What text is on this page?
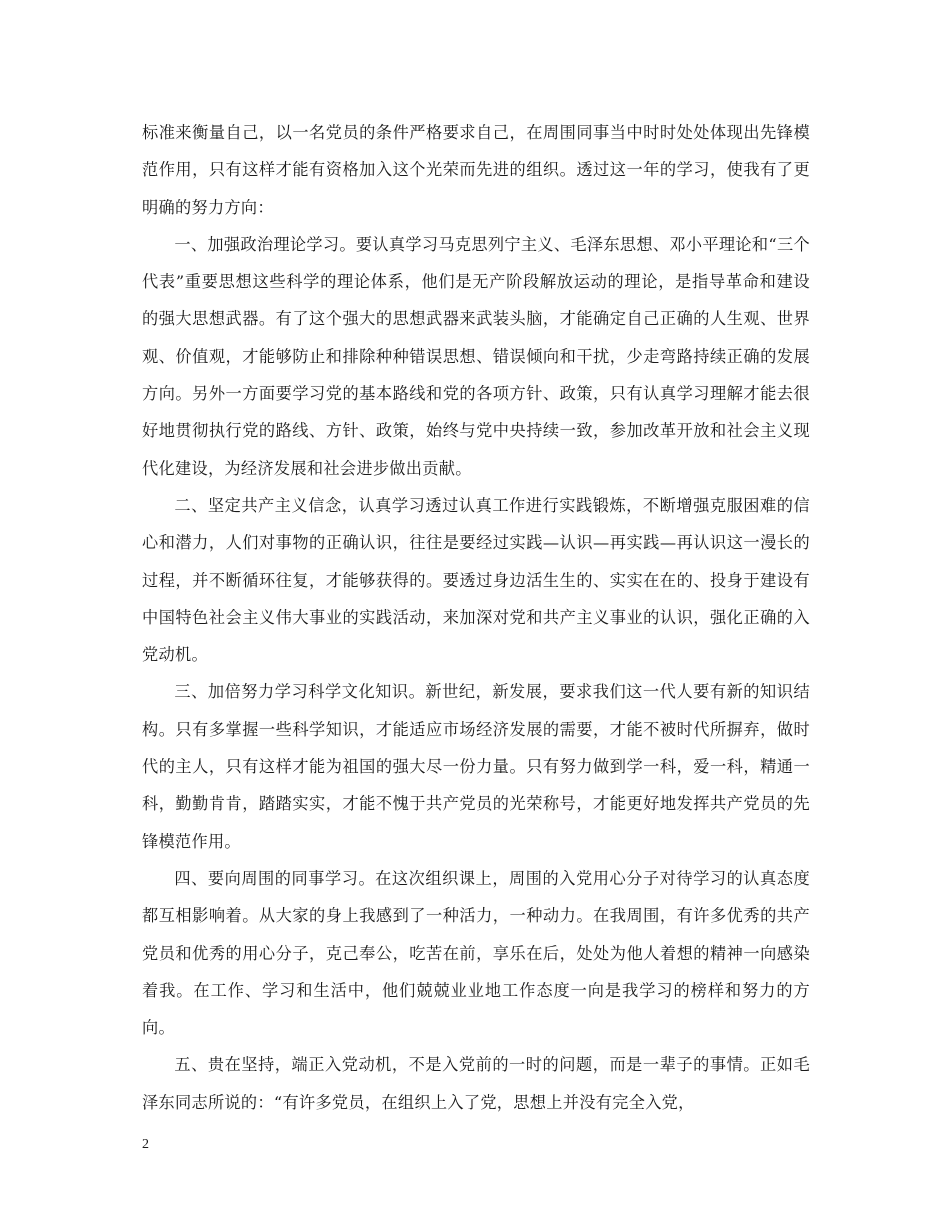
标准来衡量自己，以一名党员的条件严格要求自己，在周围同事当中时时处处体现出先锋模范作用，只有这样才能有资格加入这个光荣而先进的组织。透过这一年的学习，使我有了更明确的努力方向：

一、加强政治理论学习。要认真学习马克思列宁主义、毛泽东思想、邓小平理论和“三个代表”重要思想这些科学的理论体系，他们是无产阶段解放运动的理论，是指导革命和建设的强大思想武器。有了这个强大的思想武器来武装头脑，才能确定自己正确的人生观、世界观、价值观，才能够防止和排除种种错误思想、错误倾向和干扰，少走弯路持续正确的发展方向。另外一方面要学习党的基本路线和党的各项方针、政策，只有认真学习理解才能去很好地贯彻执行党的路线、方针、政策，始终与党中央持续一致，参加改革开放和社会主义现代化建设，为经济发展和社会进步做出贡献。

二、坚定共产主义信念，认真学习透过认真工作进行实践锻炼，不断增强克服困难的信心和潜力，人们对事物的正确认识，往往是要经过实践—认识—再实践—再认识这一漫长的过程，并不断循环往复，才能够获得的。要透过身边活生生的、实实在在的、投身于建设有中国特色社会主义伟大事业的实践活动，来加深对党和共产主义事业的认识，强化正确的入党动机。

三、加倍努力学习科学文化知识。新世纪，新发展，要求我们这一代人要有新的知识结构。只有多掌握一些科学知识，才能适应市场经济发展的需要，才能不被时代所摒弃，做时代的主人，只有这样才能为祖国的强大尽一份力量。只有努力做到学一科，爱一科，精通一科，勤勤肯肯，踏踏实实，才能不愧于共产党员的光荣称号，才能更好地发挥共产党员的先锋模范作用。

四、要向周围的同事学习。在这次组织课上，周围的入党用心分子对待学习的认真态度都互相影响着。从大家的身上我感到了一种活力，一种动力。在我周围，有许多优秀的共产党员和优秀的用心分子，克己奉公，吃苦在前，享乐在后，处处为他人着想的精神一向感染着我。在工作、学习和生活中，他们兢兢业业地工作态度一向是我学习的榜样和努力的方向。

五、贵在坚持，端正入党动机，不是入党前的一时的问题，而是一辈子的事情。正如毛泽东同志所说的：“有许多党员，在组织上入了党，思想上并没有完全入党，

2
